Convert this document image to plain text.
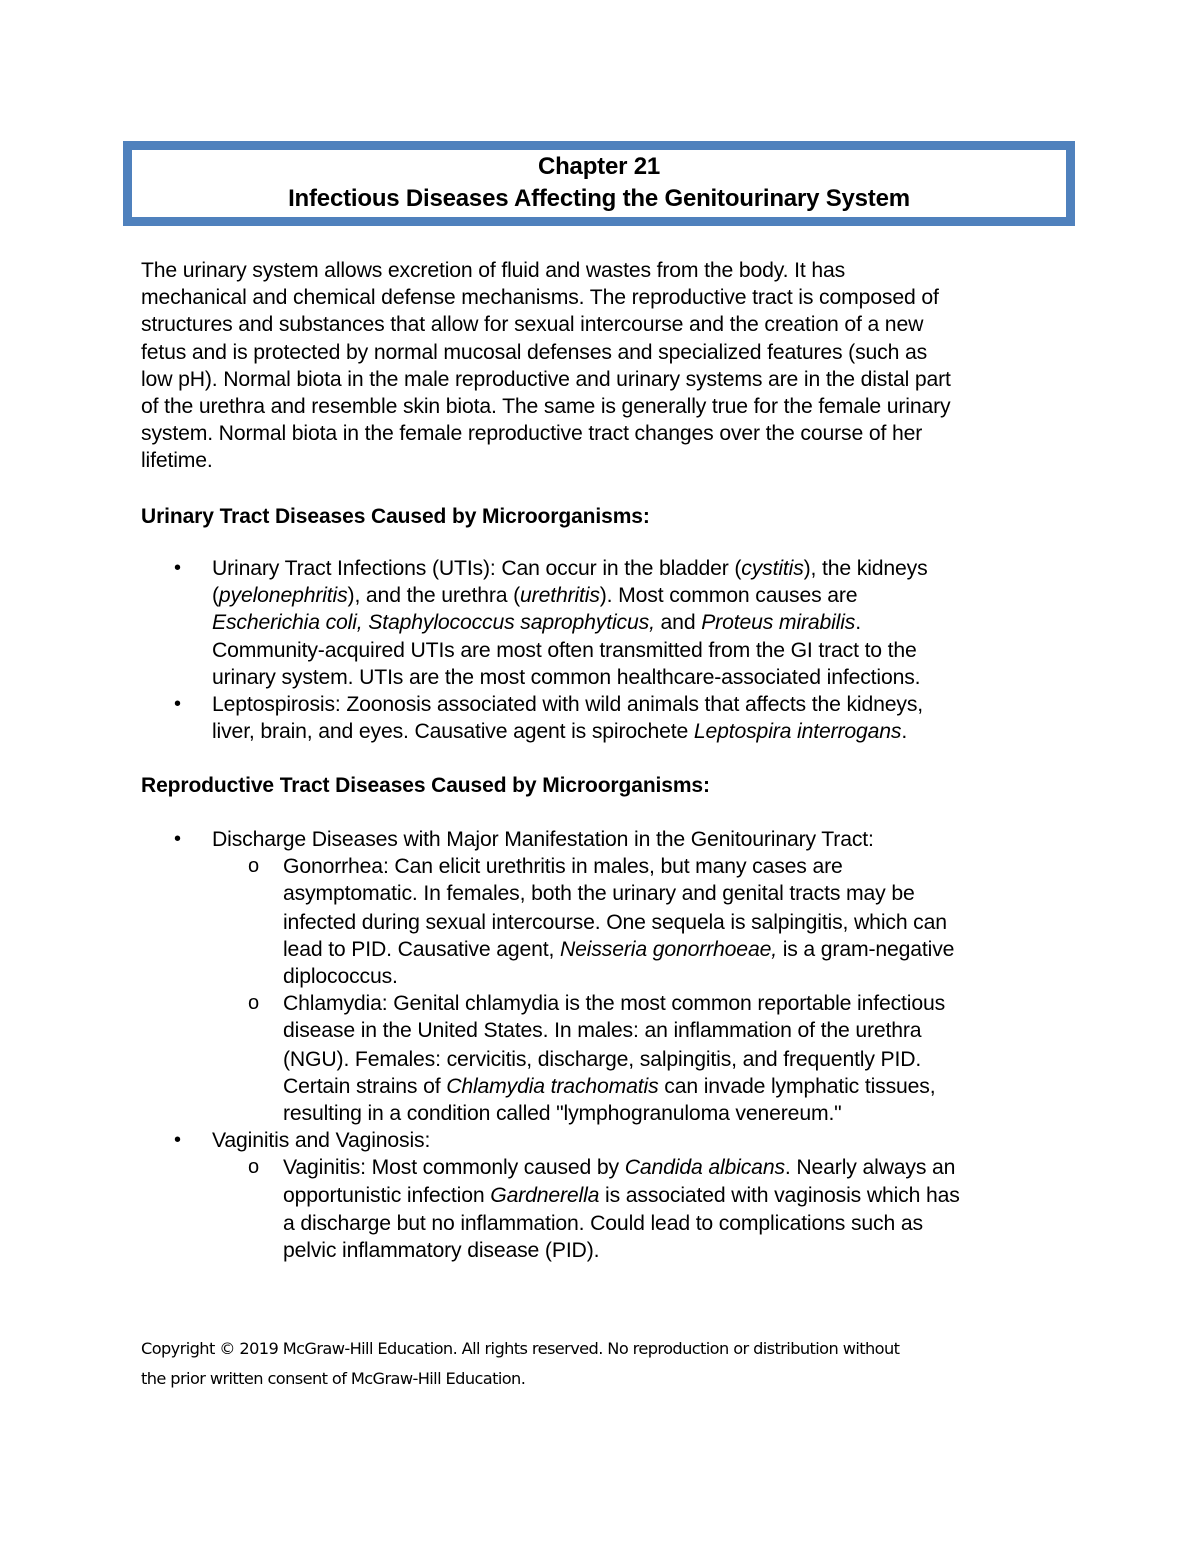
Chapter 21
Infectious Diseases Affecting the Genitourinary System
The urinary system allows excretion of fluid and wastes from the body. It has
mechanical and chemical defense mechanisms. The reproductive tract is composed of
structures and substances that allow for sexual intercourse and the creation of a new
fetus and is protected by normal mucosal defenses and specialized features (such as
low pH). Normal biota in the male reproductive and urinary systems are in the distal part
of the urethra and resemble skin biota. The same is generally true for the female urinary
system. Normal biota in the female reproductive tract changes over the course of her
lifetime.
Urinary Tract Diseases Caused by Microorganisms:
• Urinary Tract Infections (UTIs): Can occur in the bladder (cystitis), the kidneys
(pyelonephritis), and the urethra (urethritis). Most common causes are
Escherichia coli, Staphylococcus saprophyticus, and Proteus mirabilis.
Community-acquired UTIs are most often transmitted from the GI tract to the
urinary system. UTIs are the most common healthcare-associated infections.
• Leptospirosis: Zoonosis associated with wild animals that affects the kidneys,
liver, brain, and eyes. Causative agent is spirochete Leptospira interrogans.
Reproductive Tract Diseases Caused by Microorganisms:
• Discharge Diseases with Major Manifestation in the Genitourinary Tract:
o Gonorrhea: Can elicit urethritis in males, but many cases are

asymptomatic. In females, both the urinary and genital tracts may be

infected during sexual intercourse. One sequela is salpingitis, which can

lead to PID. Causative agent, Neisseria gonorrhoeae, is a gram-negative

diplococcus.

o Chlamydia: Genital chlamydia is the most common reportable infectious

disease in the United States. In males: an inflammation of the urethra

(NGU). Females: cervicitis, discharge, salpingitis, and frequently PID.

Certain strains of Chlamydia trachomatis can invade lymphatic tissues,

resulting in a condition called "lymphogranuloma venereum."

• Vaginitis and Vaginosis:
o Vaginitis: Most commonly caused by Candida albicans. Nearly always an

opportunistic infection Gardnerella is associated with vaginosis which has

a discharge but no inflammation. Could lead to complications such as

pelvic inflammatory disease (PID).

Copyright © 2019 McGraw-Hill Education. All rights reserved. No reproduction or distribution without
the prior written consent of McGraw-Hill Education.
